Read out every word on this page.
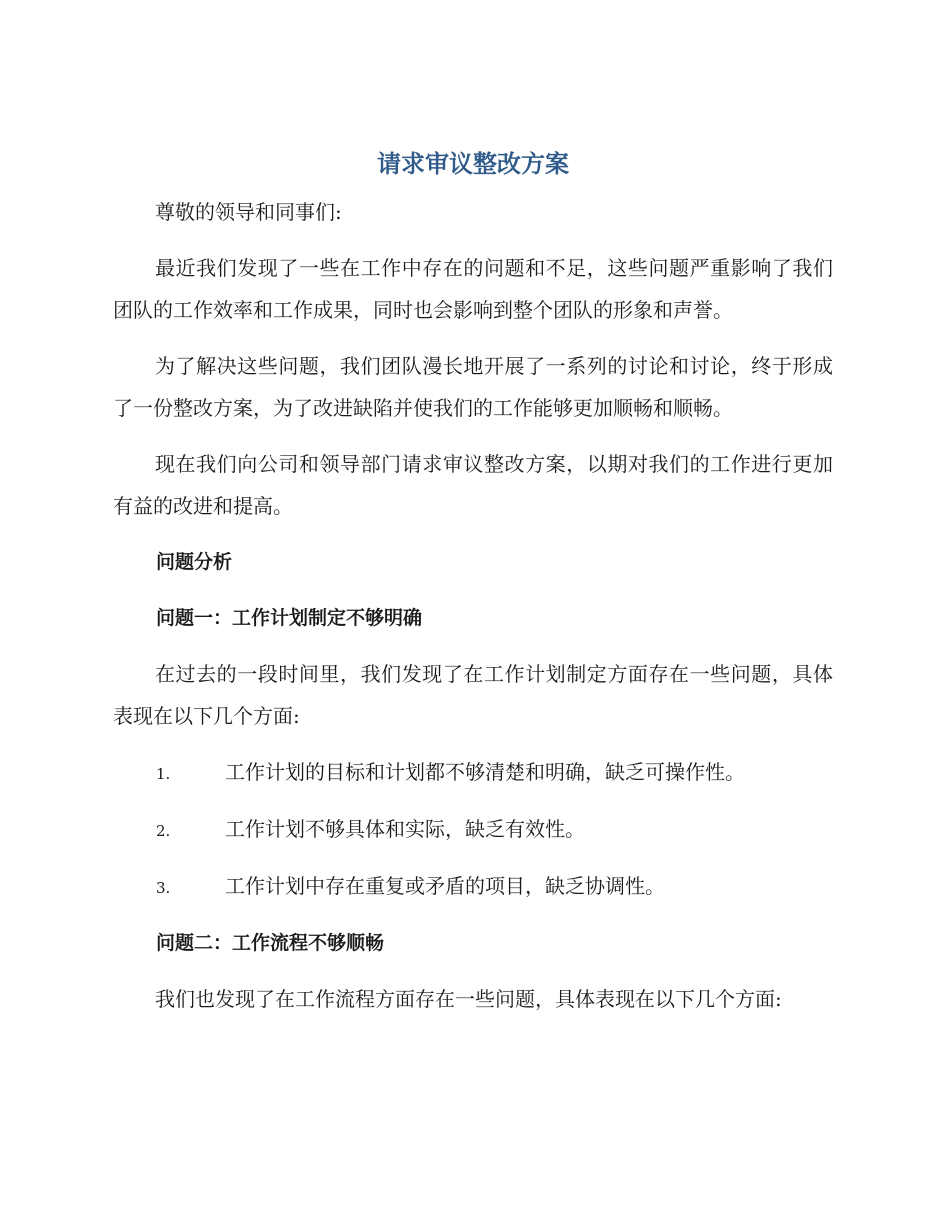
请求审议整改方案

尊敬的领导和同事们:

最近我们发现了一些在工作中存在的问题和不足，这些问题严重影响了我们团队的工作效率和工作成果，同时也会影响到整个团队的形象和声誉。

为了解决这些问题，我们团队漫长地开展了一系列的讨论和讨论，终于形成了一份整改方案，为了改进缺陷并使我们的工作能够更加顺畅和顺畅。

现在我们向公司和领导部门请求审议整改方案，以期对我们的工作进行更加有益的改进和提高。

问题分析
问题一：工作计划制定不够明确

在过去的一段时间里，我们发现了在工作计划制定方面存在一些问题，具体表现在以下几个方面:

1.	工作计划的目标和计划都不够清楚和明确，缺乏可操作性。
2.	工作计划不够具体和实际，缺乏有效性。
3.	工作计划中存在重复或矛盾的项目，缺乏协调性。
问题二：工作流程不够顺畅

我们也发现了在工作流程方面存在一些问题，具体表现在以下几个方面:
